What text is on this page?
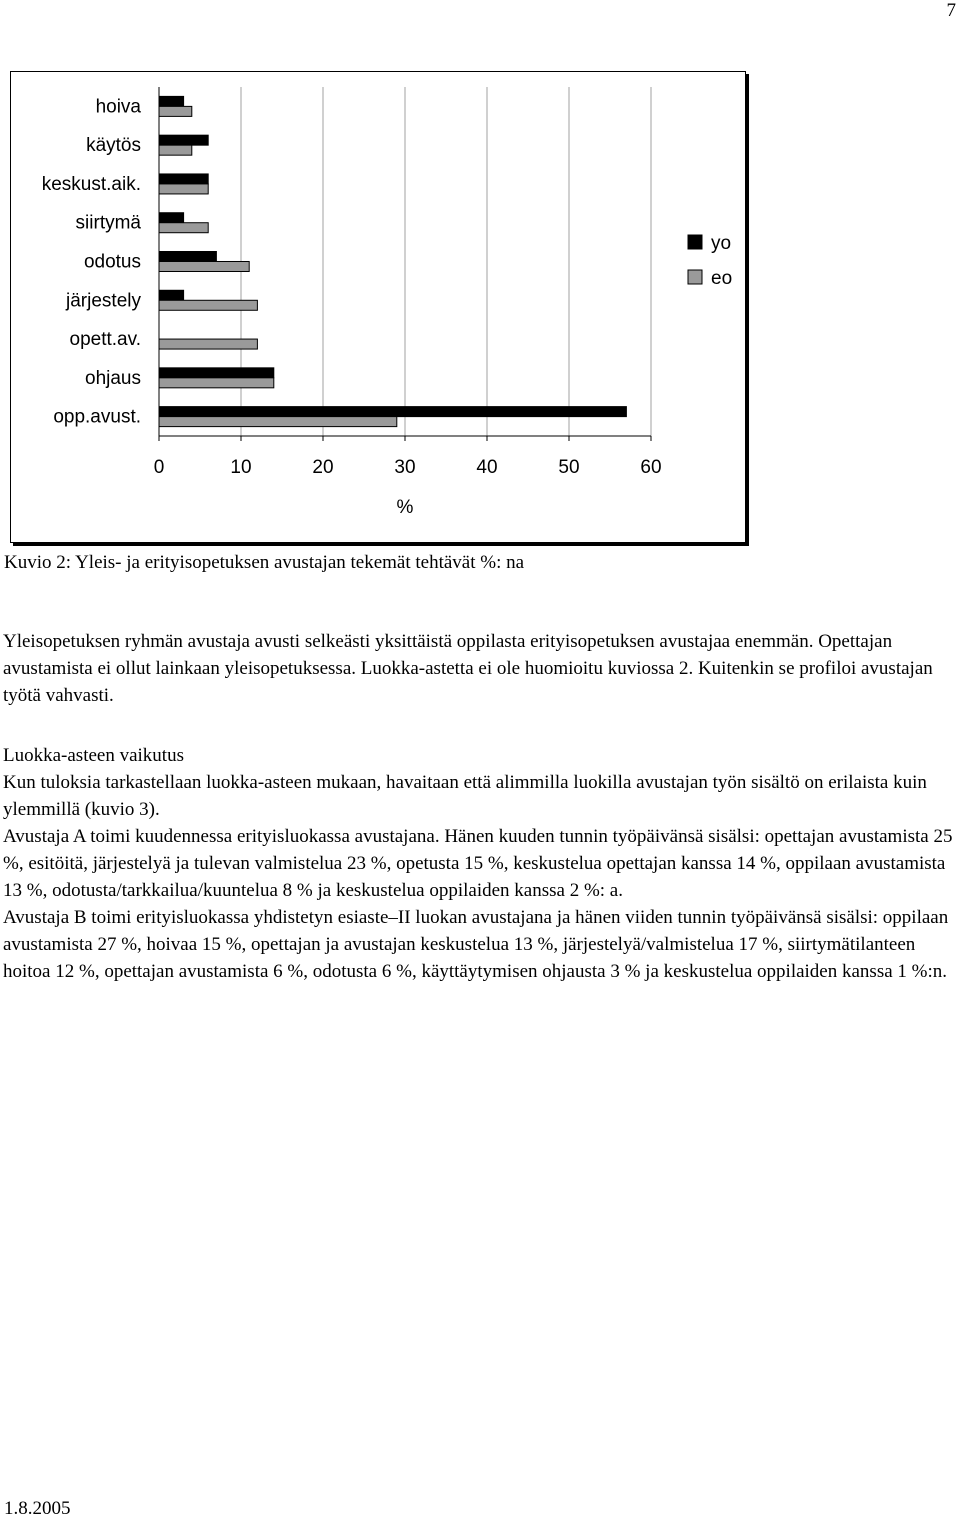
7
0	10	20	30	40	50	60
%
hoiva
käytös
keskust.aik.
siirtymä
odotus
järjestely
opett.av.
ohjaus
opp.avust.
yo
eo
Kuvio 2: Yleis- ja erityisopetuksen avustajan tekemät tehtävät %: na

Yleisopetuksen ryhmän avustaja avusti selkeästi yksittäistä oppilasta erityisopetuksen avustajaa enemmän. Opettajan avustamista ei ollut lainkaan yleisopetuksessa. Luokka-astetta ei ole huomioitu kuviossa 2. Kuitenkin se profiloi avustajan työtä vahvasti.

Luokka-asteen vaikutus

Kun tuloksia tarkastellaan luokka-asteen mukaan, havaitaan että alimmilla luokilla avustajan työn sisältö on erilaista kuin ylemmillä (kuvio 3).

Avustaja A toimi kuudennessa erityisluokassa avustajana. Hänen kuuden tunnin työpäivänsä sisälsi: opettajan avustamista 25 %, esitöitä, järjestelyä ja tulevan valmistelua 23 %, opetusta 15 %, keskustelua opettajan kanssa 14 %, oppilaan avustamista 13 %, odotusta/tarkkailua/kuuntelua 8 % ja keskustelua oppilaiden kanssa 2 %: a.

Avustaja B toimi erityisluokassa yhdistetyn esiaste–II luokan avustajana ja hänen viiden tunnin työpäivänsä sisälsi: oppilaan avustamista 27 %, hoivaa 15 %, opettajan ja avustajan keskustelua 13 %, järjestelyä/valmistelua 17 %, siirtymätilanteen hoitoa 12 %, opettajan avustamista 6 %, odotusta 6 %, käyttäytymisen ohjausta 3 % ja keskustelua oppilaiden kanssa 1 %:n.

1.8.2005
